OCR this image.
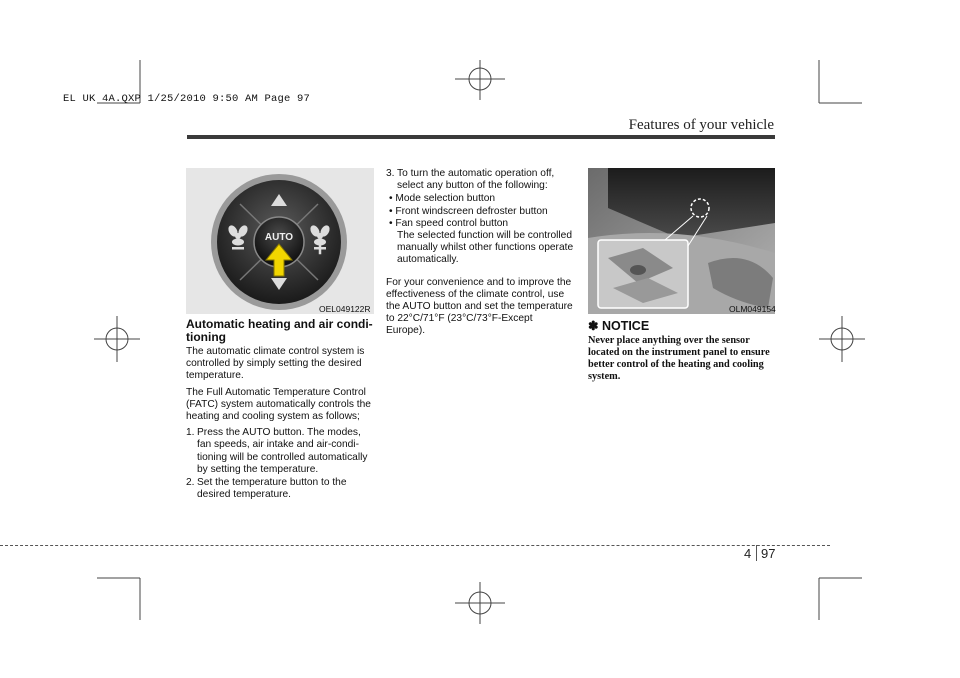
EL UK 4A.QXP 1/25/2010 9:50 AM Page 97
Features of your vehicle
AUTO
OEL049122R
Automatic heating and air condi-tioning

The automatic climate control system is controlled by simply setting the desired temperature.

The Full Automatic Temperature Control (FATC) system automatically controls the heating and cooling system as follows;

1. Press the AUTO button. The modes, fan speeds, air intake and air-condi-tioning will be controlled automatically by setting the temperature.
2. Set the temperature button to the desired temperature.
3. To turn the automatic operation off, select any button of the following:
• Mode selection button
• Front windscreen defroster button
• Fan speed control button

The selected function will be controlled manually whilst other functions operate automatically.

For your convenience and to improve the effectiveness of the climate control, use the AUTO button and set the temperature to 22°C/71°F (23°C/73°F-Except Europe).

OLM049154
✽ NOTICE
Never place anything over the sensor located on the instrument panel to ensure better control of the heating and cooling system.
4 97
